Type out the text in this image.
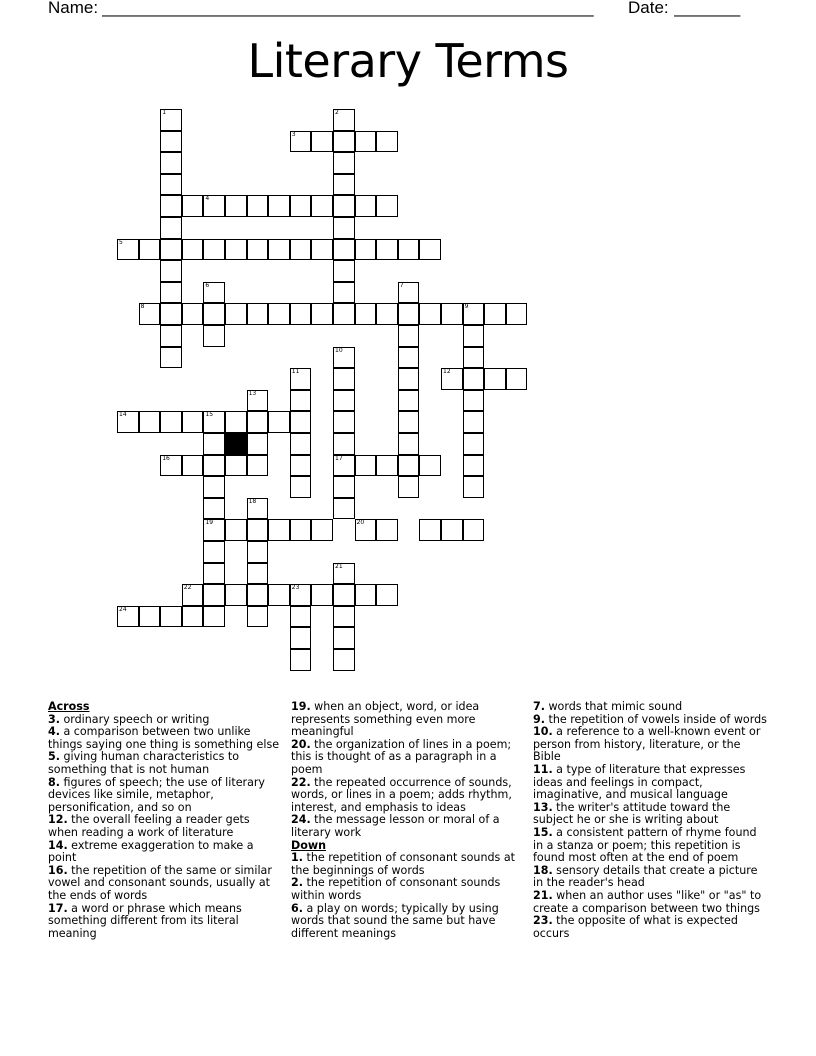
Name: ____________________________________________________	Date: _______
Literary Terms
1	2
3
4
5
6	7
8	9
10
17
11	12
13
14	15
19
16
18
20
21
22	23
24
Across
3. ordinary speech or writing
4. a comparison between two unlike things saying one thing is something else
5. giving human characteristics to something that is not human
8. figures of speech; the use of literary devices like simile, metaphor, personification, and so on
12. the overall feeling a reader gets when reading a work of literature
14. extreme exaggeration to make a point
16. the repetition of the same or similar vowel and consonant sounds, usually at the ends of words
17. a word or phrase which means something different from its literal meaning
19. when an object, word, or idea represents something even more meaningful
20. the organization of lines in a poem; this is thought of as a paragraph in a poem
22. the repeated occurrence of sounds, words, or lines in a poem; adds rhythm, interest, and emphasis to ideas
24. the message lesson or moral of a literary work
Down
1. the repetition of consonant sounds at the beginnings of words
2. the repetition of consonant sounds within words
6. a play on words; typically by using words that sound the same but have different meanings
7. words that mimic sound
9. the repetition of vowels inside of words
10. a reference to a well-known event or person from history, literature, or the Bible
11. a type of literature that expresses ideas and feelings in compact, imaginative, and musical language
13. the writer's attitude toward the subject he or she is writing about
15. a consistent pattern of rhyme found in a stanza or poem; this repetition is found most often at the end of poem
18. sensory details that create a picture in the reader's head
21. when an author uses "like" or "as" to create a comparison between two things
23. the opposite of what is expected occurs
